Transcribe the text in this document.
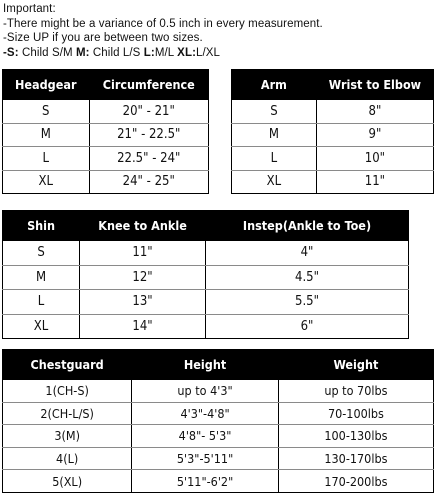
Important:
-There might be a variance of 0.5 inch in every measurement.
-Size UP if you are between two sizes.
-S: Child S/M M: Child L/S L:M/L XL:L/XL
Headgear	Circumference
S	20" - 21"
M	21" - 22.5"
L	22.5" - 24"
XL	24" - 25"
Arm	Wrist to Elbow
S	8"
M	9"
L	10"
XL	11"
Shin	Knee to Ankle	Instep(Ankle to Toe)
S	11"	4"
M	12"	4.5"
L	13"	5.5"
XL	14"	6"
Chestguard	Height	Weight
1(CH-S)	up to 4'3"	up to 70lbs
2(CH-L/S)	4'3"-4'8"	70-100lbs
3(M)	4'8"- 5'3"	100-130lbs
4(L)	5'3"-5'11"	130-170lbs
5(XL)	5'11"-6'2"	170-200lbs
